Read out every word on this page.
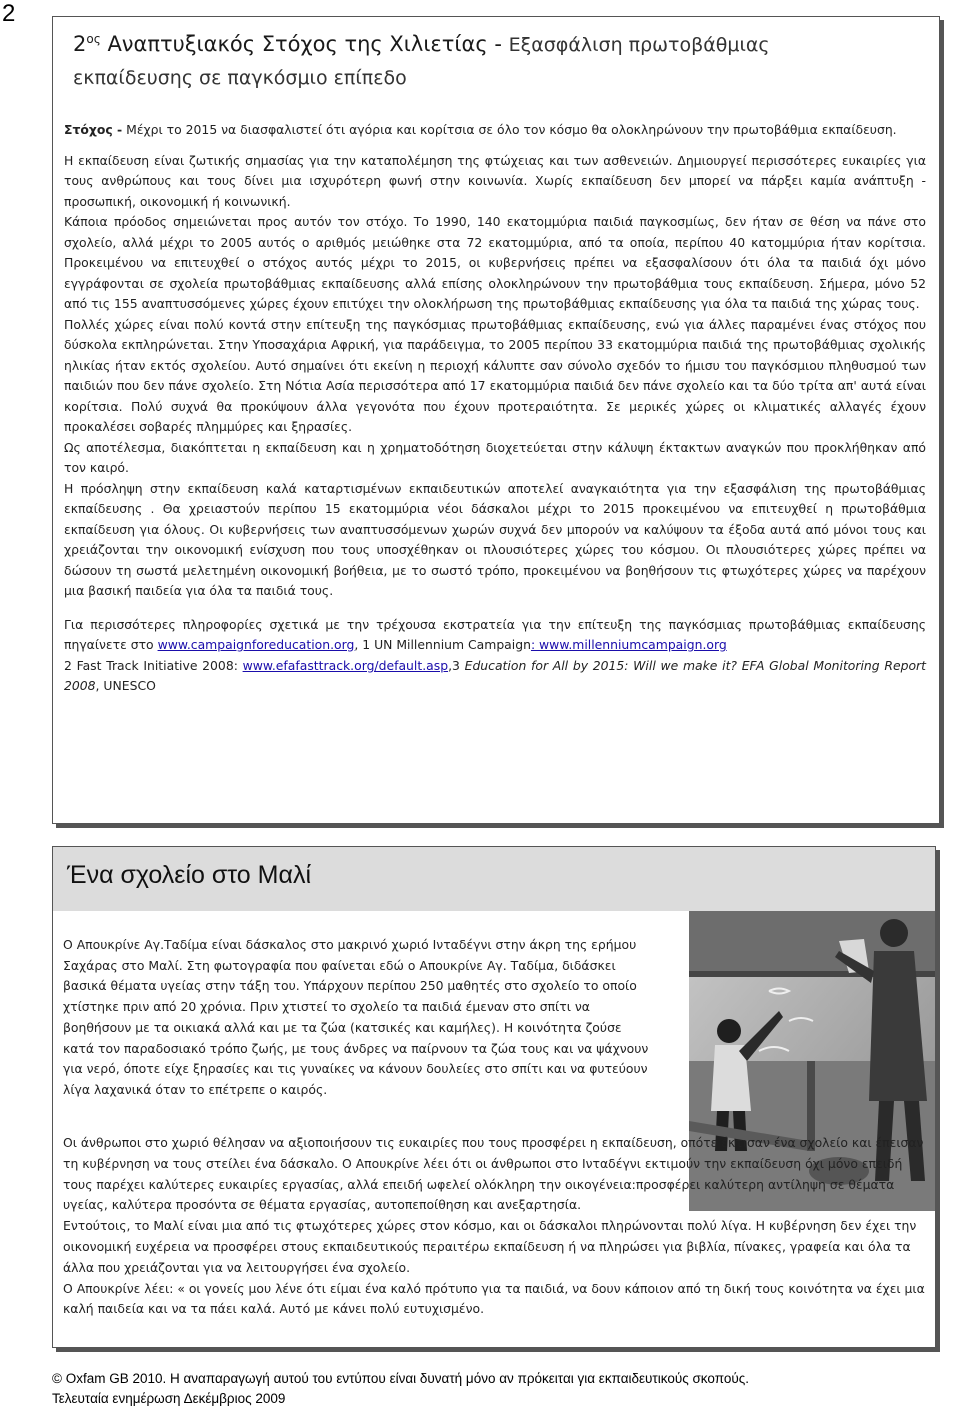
2
$2^{o\varsigma}$ Αναπτυξιακός Στόχος της Χιλιετίας - Εξασφάλιση πρωτοβάθμιας
εκπαίδευσης σε παγκόσμιο επίπεδο

Στόχος - Μέχρι το 2015 να διασφαλιστεί ότι αγόρια και κορίτσια σε όλο τον κόσμο θα ολοκληρώνουν την πρωτοβάθμια εκπαίδευση.

Η εκπαίδευση είναι ζωτικής σημασίας για την καταπολέμηση της φτώχειας και των ασθενειών. Δημιουργεί περισσότερες ευκαιρίες για τους ανθρώπους και τους δίνει μια ισχυρότερη φωνή στην κοινωνία. Χωρίς εκπαίδευση δεν μπορεί να πάρξει καμία ανάπτυξη - προσωπική, οικονομική ή κοινωνική.

Κάποια πρόοδος σημειώνεται προς αυτόν τον στόχο. Το 1990, 140 εκατομμύρια παιδιά παγκοσμίως, δεν ήταν σε θέση να πάνε στο σχολείο, αλλά μέχρι το 2005 αυτός ο αριθμός μειώθηκε στα 72 εκατομμύρια, από τα οποία, περίπου 40 κατομμύρια ήταν κορίτσια. Προκειμένου να επιτευχθεί ο στόχος αυτός μέχρι το 2015, οι κυβερνήσεις πρέπει να εξασφαλίσουν ότι όλα τα παιδιά όχι μόνο εγγράφονται σε σχολεία πρωτοβάθμιας εκπαίδευσης αλλά επίσης ολοκληρώνουν την πρωτοβάθμια τους εκπαίδευση. Σήμερα, μόνο 52 από τις 155 αναπτυσσόμενες χώρες έχουν επιτύχει την ολοκλήρωση της πρωτοβάθμιας εκπαίδευσης για όλα τα παιδιά της χώρας τους.

Πολλές χώρες είναι πολύ κοντά στην επίτευξη της παγκόσμιας πρωτοβάθμιας εκπαίδευσης, ενώ για άλλες παραμένει ένας στόχος που δύσκολα εκπληρώνεται. Στην Υποσαχάρια Αφρική, για παράδειγμα, το 2005 περίπου 33 εκατομμύρια παιδιά της πρωτοβάθμιας σχολικής ηλικίας ήταν εκτός σχολείου. Αυτό σημαίνει ότι εκείνη η περιοχή κάλυπτε σαν σύνολο σχεδόν το ήμισυ του παγκόσμιου πληθυσμού των παιδιών που δεν πάνε σχολείο. Στη Νότια Ασία περισσότερα από 17 εκατομμύρια παιδιά δεν πάνε σχολείο και τα δύο τρίτα απ' αυτά είναι κορίτσια. Πολύ συχνά θα προκύψουν άλλα γεγονότα που έχουν προτεραιότητα. Σε μερικές χώρες οι κλιματικές αλλαγές έχουν προκαλέσει σοβαρές πλημμύρες και ξηρασίες.

Ως αποτέλεσμα, διακόπτεται η εκπαίδευση και η χρηματοδότηση διοχετεύεται στην κάλυψη έκτακτων αναγκών που προκλήθηκαν από τον καιρό.

Η πρόσληψη στην εκπαίδευση καλά καταρτισμένων εκπαιδευτικών αποτελεί αναγκαιότητα για την εξασφάλιση της πρωτοβάθμιας εκπαίδευσης . Θα χρειαστούν περίπου 15 εκατομμύρια νέοι δάσκαλοι μέχρι το 2015 προκειμένου να επιτευχθεί η πρωτοβάθμια εκπαίδευση για όλους. Οι κυβερνήσεις των αναπτυσσόμενων χωρών συχνά δεν μπορούν να καλύψουν τα έξοδα αυτά από μόνοι τους και χρειάζονται την οικονομική ενίσχυση που τους υποσχέθηκαν οι πλουσιότερες χώρες του κόσμου. Οι πλουσιότερες χώρες πρέπει να δώσουν τη σωστά μελετημένη οικονομική βοήθεια, με το σωστό τρόπο, προκειμένου να βοηθήσουν τις φτωχότερες χώρες να παρέχουν μια βασική παιδεία για όλα τα παιδιά τους.

Για περισσότερες πληροφορίες σχετικά με την τρέχουσα εκστρατεία για την επίτευξη της παγκόσμιας πρωτοβάθμιας εκπαίδευσης πηγαίνετε στο www.campaignforeducation.org, 1 UN Millennium Campaign: www.millenniumcampaign.org
2 Fast Track Initiative 2008: www.efafasttrack.org/default.asp,3 Education for All by 2015: Will we make it? EFA Global Monitoring Report 2008, UNESCO

Ένα σχολείο στο Μαλί

Ο Απουκρίνε Αγ.Ταδίμα είναι δάσκαλος στο μακρινό χωριό Ινταδέγνι στην άκρη της ερήμου Σαχάρας στο Μαλί. Στη φωτογραφία που φαίνεται εδώ ο Απουκρίνε Αγ. Ταδίμα, διδάσκει βασικά θέματα υγείας στην τάξη του. Υπάρχουν περίπου 250 μαθητές στο σχολείο το οποίο χτίστηκε πριν από 20 χρόνια. Πριν χτιστεί το σχολείο τα παιδιά έμεναν στο σπίτι να βοηθήσουν με τα οικιακά αλλά και με τα ζώα (κατσικές και καμήλες). Η κοινότητα ζούσε κατά τον παραδοσιακό τρόπο ζωής, με τους άνδρες να παίρνουν τα ζώα τους και να ψάχνουν για νερό, όποτε είχε ξηρασίες και τις γυναίκες να κάνουν δουλείες στο σπίτι και να φυτεύουν λίγα λαχανικά όταν το επέτρεπε ο καιρός.

Οι άνθρωποι στο χωριό θέλησαν να αξιοποιήσουν τις ευκαιρίες που τους προσφέρει η εκπαίδευση, οπότε έκτισαν ένα σχολείο και έπεισαν τη κυβέρνηση να τους στείλει ένα δάσκαλο. Ο Απουκρίνε λέει ότι οι άνθρωποι στο Ινταδέγνι εκτιμούν την εκπαίδευση όχι μόνο επειδή τους παρέχει καλύτερες ευκαιρίες εργασίας, αλλά επειδή ωφελεί ολόκληρη την οικογένεια:προσφέρει καλύτερη αντίληψη σε θέματα υγείας, καλύτερα προσόντα σε θέματα εργασίας, αυτοπεποίθηση και ανεξαρτησία.

Εντούτοις, το Μαλί είναι μια από τις φτωχότερες χώρες στον κόσμο, και οι δάσκαλοι πληρώνονται πολύ λίγα. Η κυβέρνηση δεν έχει την οικονομική ευχέρεια να προσφέρει στους εκπαιδευτικούς περαιτέρω εκπαίδευση ή να πληρώσει για βιβλία, πίνακες, γραφεία και όλα τα άλλα που χρειάζονται για να λειτουργήσει ένα σχολείο.

Ο Απουκρίνε λέει: « οι γονείς μου λένε ότι είμαι ένα καλό πρότυπο για τα παιδιά, να δουν κάποιον από τη δική τους κοινότητα να έχει μια καλή παιδεία και να τα πάει καλά. Αυτό με κάνει πολύ ευτυχισμένο.

© Oxfam GB 2010. Η αναπαραγωγή αυτού του εντύπου είναι δυνατή μόνο αν πρόκειται για εκπαιδευτικούς σκοπούς.
Τελευταία ενημέρωση Δεκέμβριος 2009
